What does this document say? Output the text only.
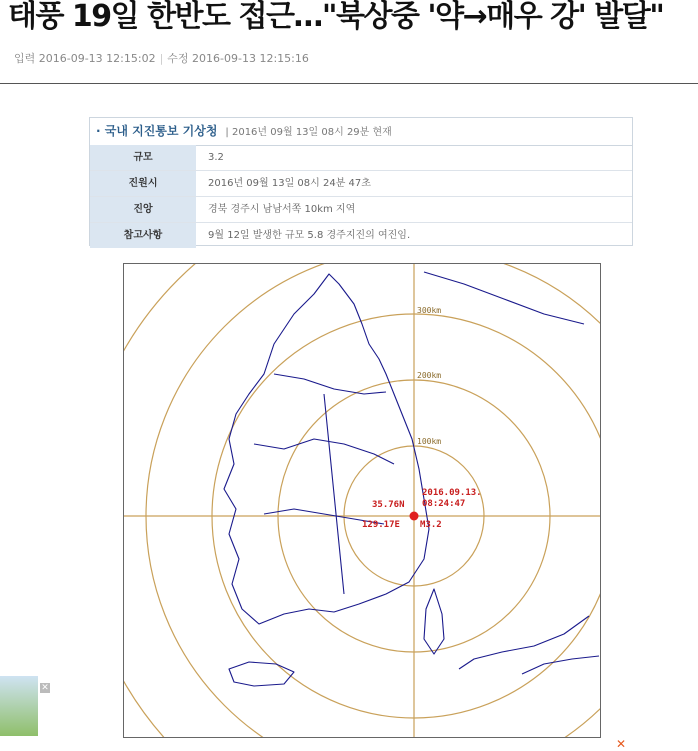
태풍 19일 한반도 접근…"북상중 '약→매우 강' 발달"
입력 2016-09-13 12:15:02 | 수정 2016-09-13 12:15:16
· 국내 지진통보 기상청 | 2016년 09월 13일 08시 29분 현재
규모	3.2
진원시	2016년 09월 13일 08시 24분 47초
진앙	경북 경주시 남남서쪽 10km 지역
참고사항	9월 12일 발생한 규모 5.8 경주지진의 여진임.
100km
200km
300km
35.76N
129.17E
2016.09.13.
08:24:47
M3.2
✕
✕
